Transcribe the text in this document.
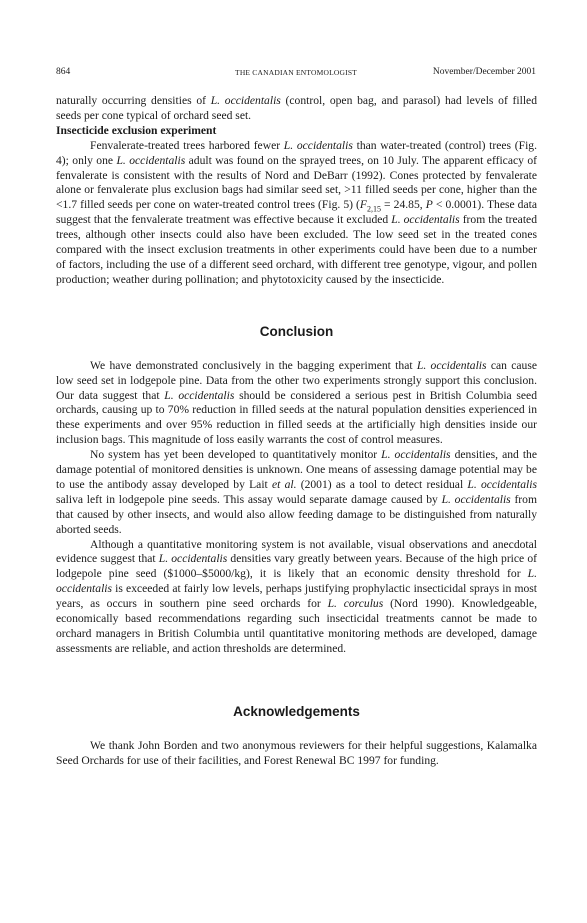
864	THE CANADIAN ENTOMOLOGIST	November/December 2001

naturally occurring densities of L. occidentalis (control, open bag, and parasol) had levels of filled seeds per cone typical of orchard seed set.

Insecticide exclusion experiment

Fenvalerate-treated trees harbored fewer L. occidentalis than water-treated (control) trees (Fig. 4); only one L. occidentalis adult was found on the sprayed trees, on 10 July. The apparent efficacy of fenvalerate is consistent with the results of Nord and DeBarr (1992). Cones protected by fenvalerate alone or fenvalerate plus exclusion bags had similar seed set, >11 filled seeds per cone, higher than the <1.7 filled seeds per cone on water-treated control trees (Fig. 5) ($F_{2,15} = 24.85$, P < 0.0001). These data suggest that the fenvalerate treatment was effective because it excluded L. occidentalis from the treated trees, although other insects could also have been excluded. The low seed set in the treated cones compared with the insect exclusion treatments in other experiments could have been due to a number of factors, including the use of a different seed orchard, with different tree genotype, vigour, and pollen production; weather during pollination; and phytotoxicity caused by the insecticide.

Conclusion

We have demonstrated conclusively in the bagging experiment that L. occidentalis can cause low seed set in lodgepole pine. Data from the other two experiments strongly support this conclusion. Our data suggest that L. occidentalis should be considered a serious pest in British Columbia seed orchards, causing up to 70% reduction in filled seeds at the natural population densities experienced in these experiments and over 95% reduction in filled seeds at the artificially high densities inside our inclusion bags. This magnitude of loss easily warrants the cost of control measures.

No system has yet been developed to quantitatively monitor L. occidentalis densities, and the damage potential of monitored densities is unknown. One means of assessing damage potential may be to use the antibody assay developed by Lait et al. (2001) as a tool to detect residual L. occidentalis saliva left in lodgepole pine seeds. This assay would separate damage caused by L. occidentalis from that caused by other insects, and would also allow feeding damage to be distinguished from naturally aborted seeds.

Although a quantitative monitoring system is not available, visual observations and anecdotal evidence suggest that L. occidentalis densities vary greatly between years. Because of the high price of lodgepole pine seed ($1000–$5000/kg), it is likely that an economic density threshold for L. occidentalis is exceeded at fairly low levels, perhaps justifying prophylactic insecticidal sprays in most years, as occurs in southern pine seed orchards for L. corculus (Nord 1990). Knowledgeable, economically based recommendations regarding such insecticidal treatments cannot be made to orchard managers in British Columbia until quantitative monitoring methods are developed, damage assessments are reliable, and action thresholds are determined.

Acknowledgements

We thank John Borden and two anonymous reviewers for their helpful suggestions, Kalamalka Seed Orchards for use of their facilities, and Forest Renewal BC 1997 for funding.
